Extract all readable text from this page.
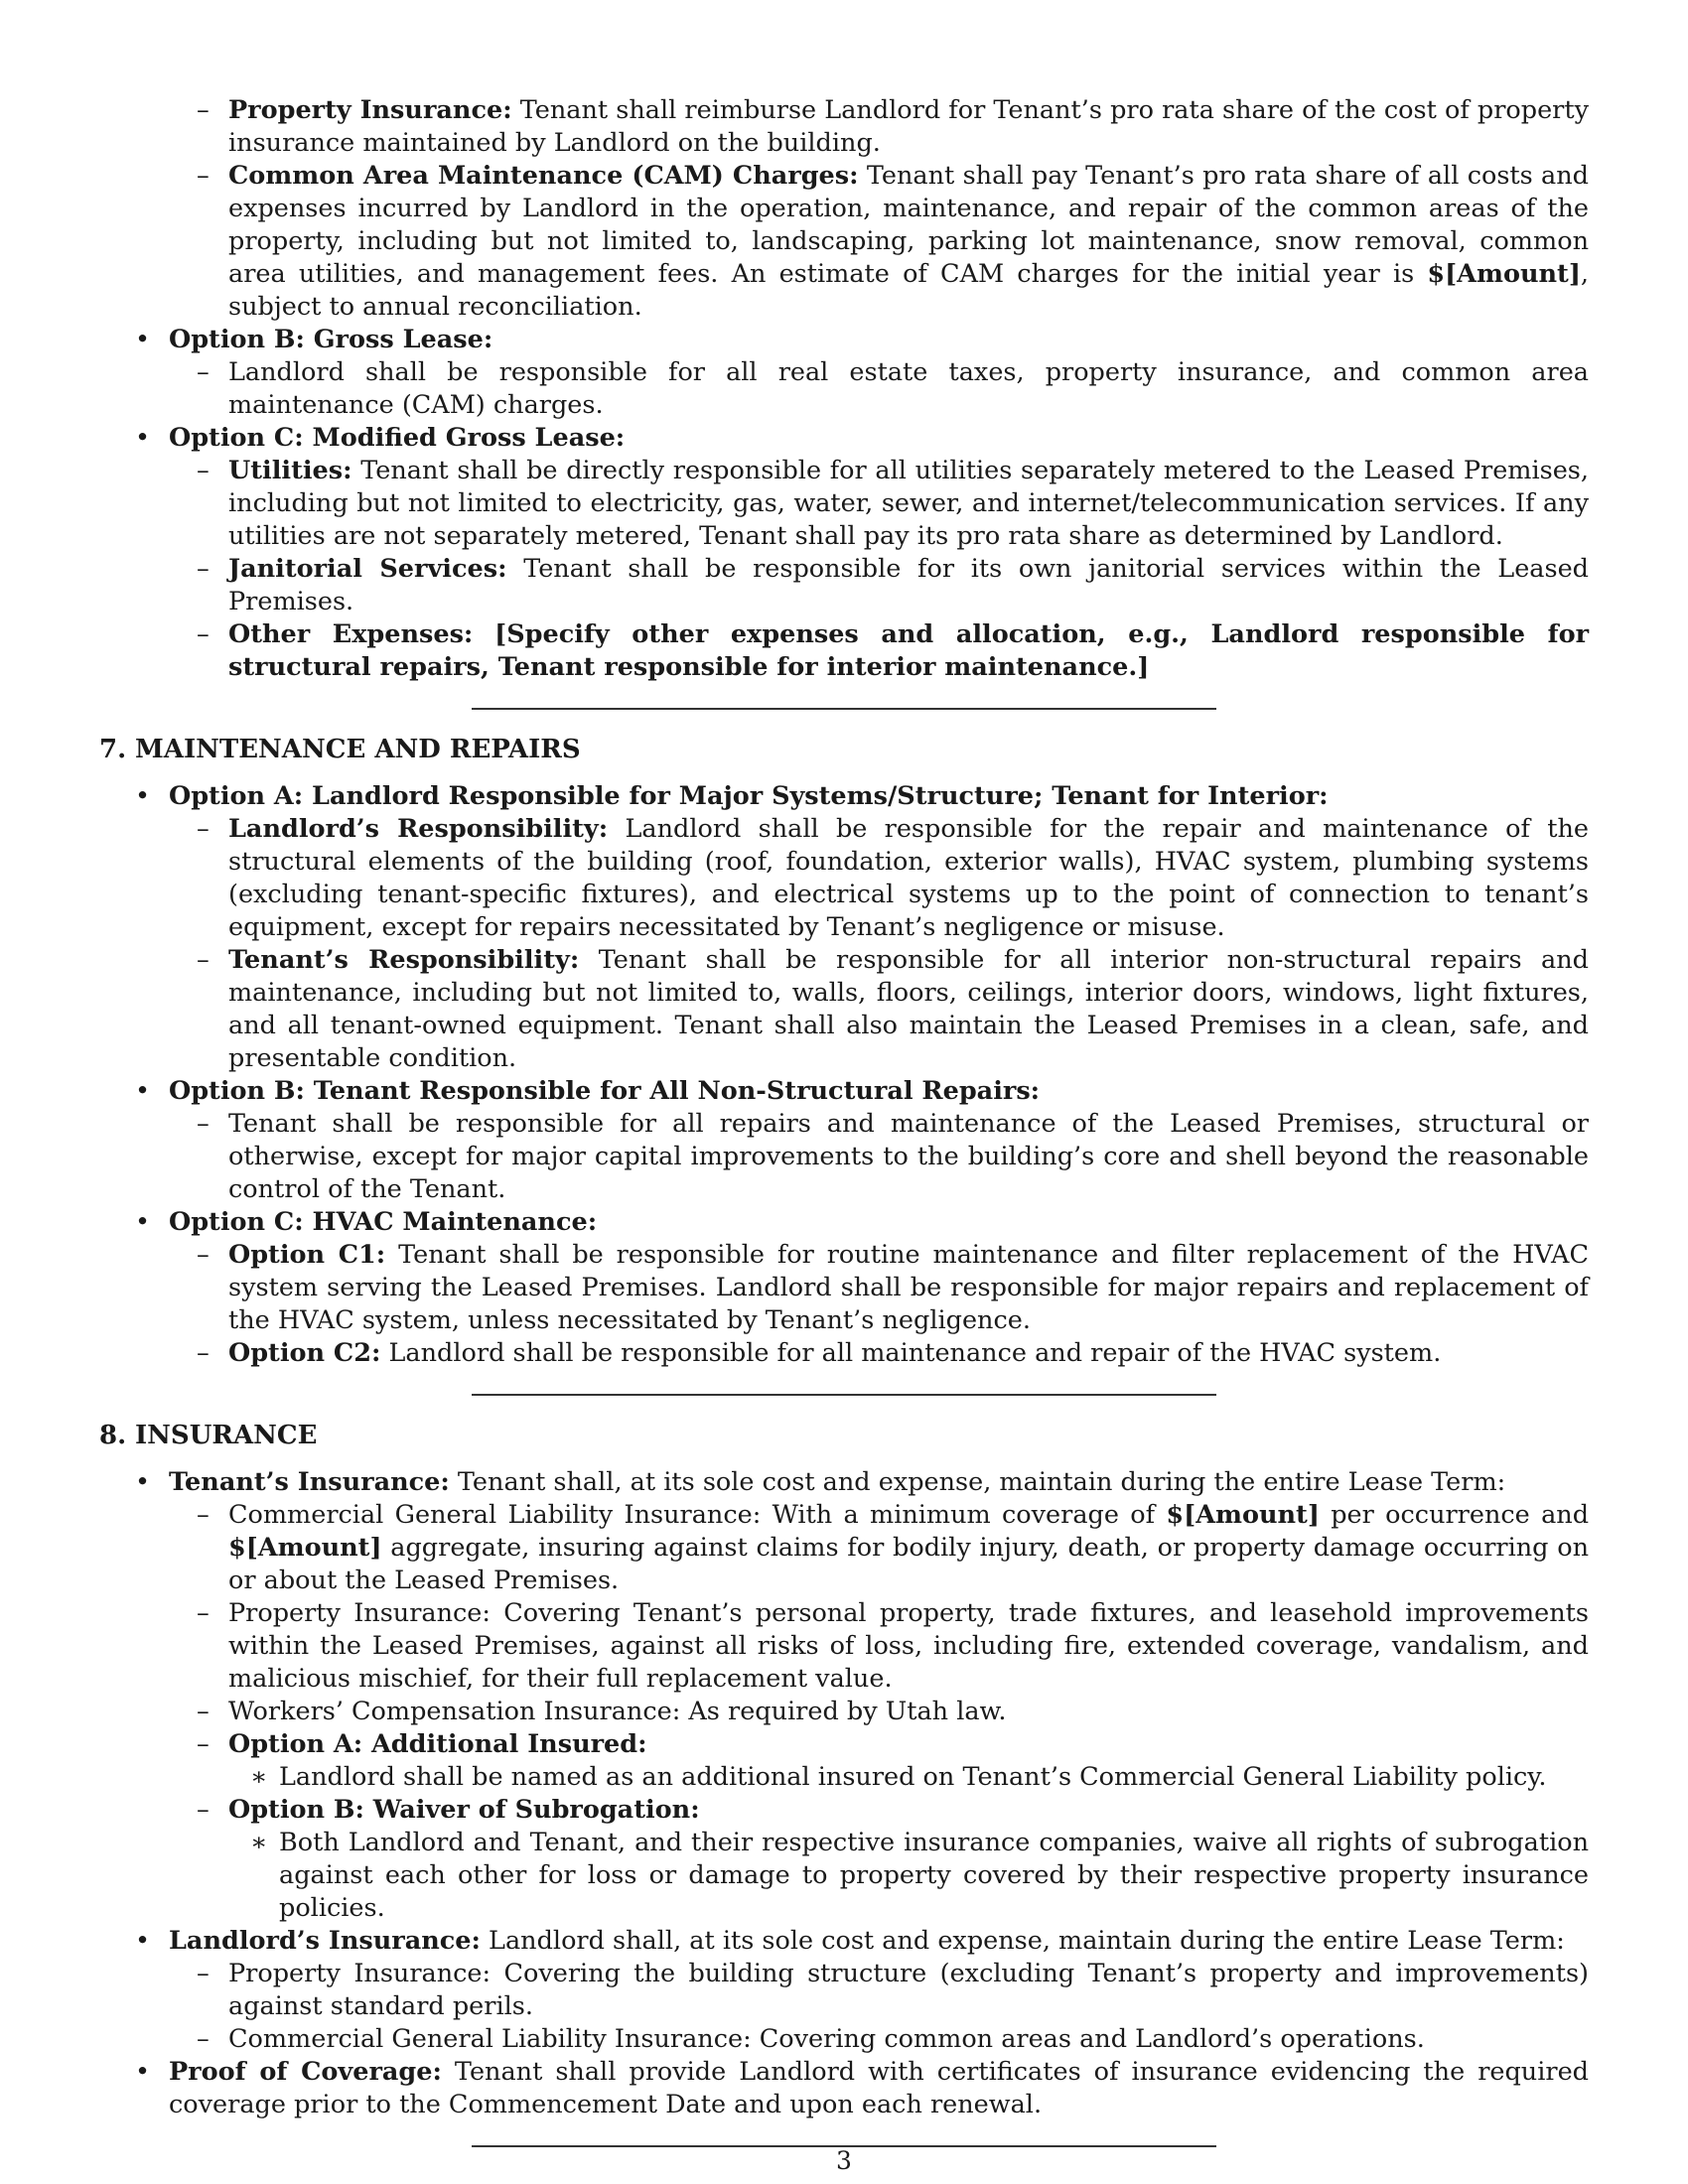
– Property Insurance: Tenant shall reimburse Landlord for Tenant’s pro rata share of the cost of property insurance maintained by Landlord on the building.
– Common Area Maintenance (CAM) Charges: Tenant shall pay Tenant’s pro rata share of all costs and expenses incurred by Landlord in the operation, maintenance, and repair of the common areas of the property, including but not limited to, landscaping, parking lot maintenance, snow removal, common area utilities, and management fees. An estimate of CAM charges for the initial year is $[Amount], subject to annual reconciliation.
• Option B: Gross Lease:
– Landlord shall be responsible for all real estate taxes, property insurance, and common area maintenance (CAM) charges.
• Option C: Modified Gross Lease:
– Utilities: Tenant shall be directly responsible for all utilities separately metered to the Leased Premises, including but not limited to electricity, gas, water, sewer, and internet/telecommunication services. If any utilities are not separately metered, Tenant shall pay its pro rata share as determined by Landlord.
– Janitorial Services: Tenant shall be responsible for its own janitorial services within the Leased Premises.
– Other Expenses: [Specify other expenses and allocation, e.g., Landlord responsible for structural repairs, Tenant responsible for interior maintenance.]
7. MAINTENANCE AND REPAIRS
• Option A: Landlord Responsible for Major Systems/Structure; Tenant for Interior:
– Landlord’s Responsibility: Landlord shall be responsible for the repair and maintenance of the structural elements of the building (roof, foundation, exterior walls), HVAC system, plumbing systems (excluding tenant-specific fixtures), and electrical systems up to the point of connection to tenant’s equipment, except for repairs necessitated by Tenant’s negligence or misuse.
– Tenant’s Responsibility: Tenant shall be responsible for all interior non-structural repairs and maintenance, including but not limited to, walls, floors, ceilings, interior doors, windows, light fixtures, and all tenant-owned equipment. Tenant shall also maintain the Leased Premises in a clean, safe, and presentable condition.
• Option B: Tenant Responsible for All Non-Structural Repairs:
– Tenant shall be responsible for all repairs and maintenance of the Leased Premises, structural or otherwise, except for major capital improvements to the building’s core and shell beyond the reasonable control of the Tenant.
• Option C: HVAC Maintenance:
– Option C1: Tenant shall be responsible for routine maintenance and filter replacement of the HVAC system serving the Leased Premises. Landlord shall be responsible for major repairs and replacement of the HVAC system, unless necessitated by Tenant’s negligence.
– Option C2: Landlord shall be responsible for all maintenance and repair of the HVAC system.
8. INSURANCE
• Tenant’s Insurance: Tenant shall, at its sole cost and expense, maintain during the entire Lease Term:
– Commercial General Liability Insurance: With a minimum coverage of $[Amount] per occurrence and $[Amount] aggregate, insuring against claims for bodily injury, death, or property damage occurring on or about the Leased Premises.
– Property Insurance: Covering Tenant’s personal property, trade fixtures, and leasehold improvements within the Leased Premises, against all risks of loss, including fire, extended coverage, vandalism, and malicious mischief, for their full replacement value.
– Workers’ Compensation Insurance: As required by Utah law.
– Option A: Additional Insured:
∗ Landlord shall be named as an additional insured on Tenant’s Commercial General Liability policy.
– Option B: Waiver of Subrogation:
∗ Both Landlord and Tenant, and their respective insurance companies, waive all rights of subrogation against each other for loss or damage to property covered by their respective property insurance policies.
• Landlord’s Insurance: Landlord shall, at its sole cost and expense, maintain during the entire Lease Term:
– Property Insurance: Covering the building structure (excluding Tenant’s property and improvements) against standard perils.
– Commercial General Liability Insurance: Covering common areas and Landlord’s operations.
• Proof of Coverage: Tenant shall provide Landlord with certificates of insurance evidencing the required coverage prior to the Commencement Date and upon each renewal.
3
